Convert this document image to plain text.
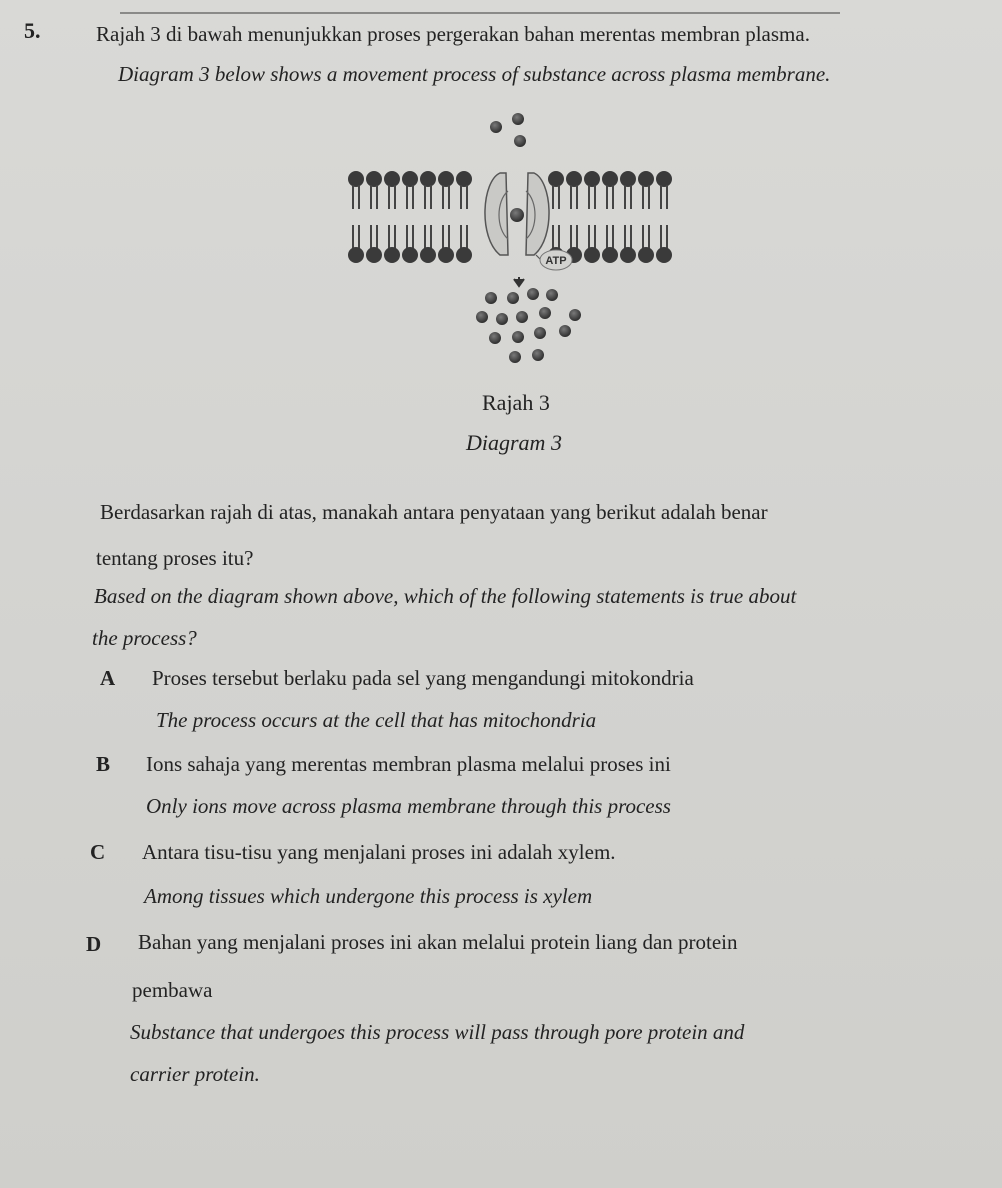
5.	Rajah 3 di bawah menunjukkan proses pergerakan bahan merentas membran plasma.
Diagram 3 below shows a movement process of substance across plasma membrane.
ATP
Rajah 3
Diagram 3
Berdasarkan rajah di atas, manakah antara penyataan yang berikut adalah benar
tentang proses itu?
Based on the diagram shown above, which of the following statements is true about
the process?
A Proses tersebut berlaku pada sel yang mengandungi mitokondria
The process occurs at the cell that has mitochondria
B Ions sahaja yang merentas membran plasma melalui proses ini
Only ions move across plasma membrane through this process
C Antara tisu-tisu yang menjalani proses ini adalah xylem.
Among tissues which undergone this process is xylem
D Bahan yang menjalani proses ini akan melalui protein liang dan protein
pembawa
Substance that undergoes this process will pass through pore protein and
carrier protein.
